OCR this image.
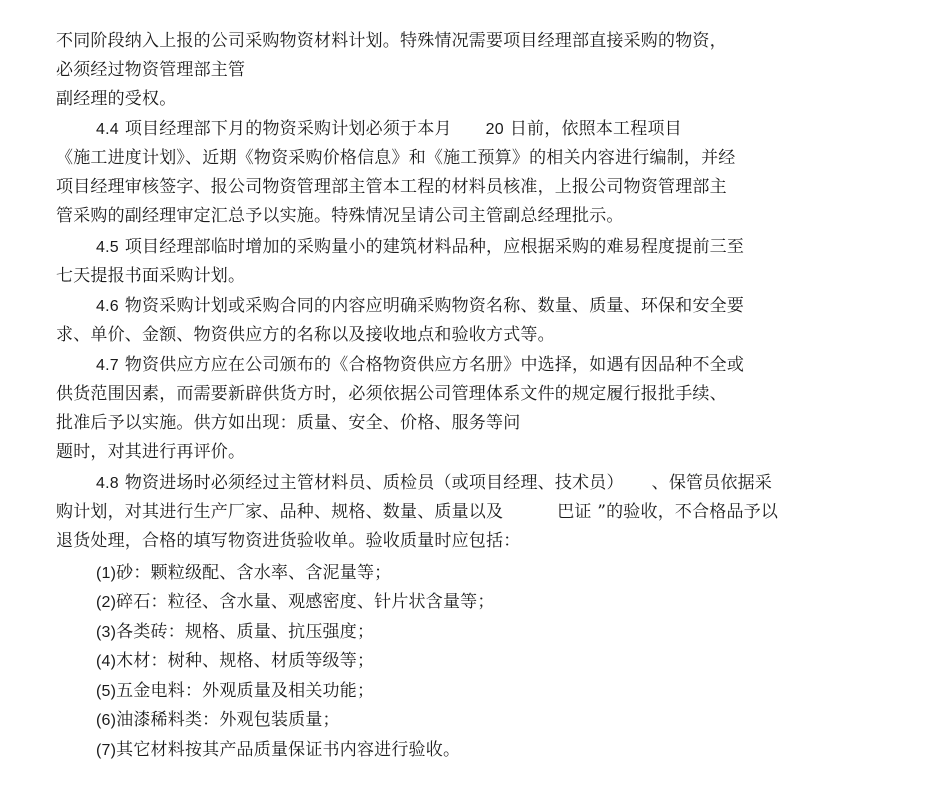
不同阶段纳入上报的公司采购物资材料计划。特殊情况需要项目经理部直接采购的物资，
必须经过物资管理部主管
副经理的受权。
4.4 项目经理部下月的物资采购计划必须于本月 20 日前，依照本工程项目
《施工进度计划》、近期《物资采购价格信息》和《施工预算》的相关内容进行编制，并经
项目经理审核签字、报公司物资管理部主管本工程的材料员核准，上报公司物资管理部主
管采购的副经理审定汇总予以实施。特殊情况呈请公司主管副总经理批示。
4.5 项目经理部临时增加的采购量小的建筑材料品种，应根据采购的难易程度提前三至
七天提报书面采购计划。
4.6 物资采购计划或采购合同的内容应明确采购物资名称、数量、质量、环保和安全要
求、单价、金额、物资供应方的名称以及接收地点和验收方式等。
4.7 物资供应方应在公司颁布的《合格物资供应方名册》中选择，如遇有因品种不全或
供货范围因素，而需要新辟供货方时，必须依据公司管理体系文件的规定履行报批手续、
批准后予以实施。供方如出现：质量、安全、价格、服务等问
题时，对其进行再评价。
4.8 物资进场时必须经过主管材料员、质检员（或项目经理、技术员） 、保管员依据采
购计划，对其进行生产厂家、品种、规格、数量、质量以及	巴证 ”的验收，不合格品予以
退货处理，合格的填写物资进货验收单。验收质量时应包括：
(1)砂：颗粒级配、含水率、含泥量等；
(2)碎石：粒径、含水量、观感密度、针片状含量等；
(3)各类砖：规格、质量、抗压强度；
(4)木材：树种、规格、材质等级等；
(5)五金电料：外观质量及相关功能；
(6)油漆稀料类：外观包装质量；
(7)其它材料按其产品质量保证书内容进行验收。
